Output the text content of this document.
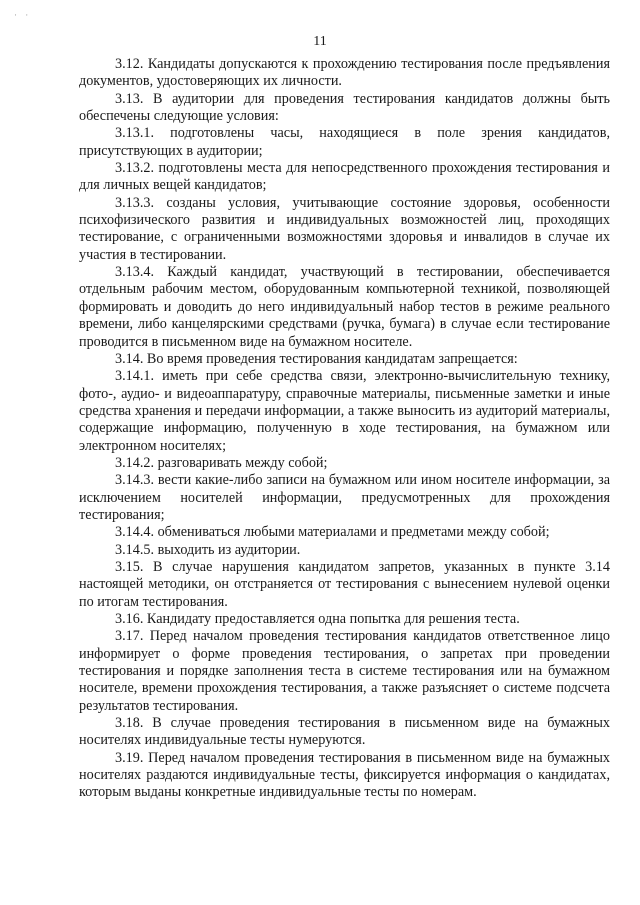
· ·
11

3.12. Кандидаты допускаются к прохождению тестирования после предъявления документов, удостоверяющих их личности.

3.13. В аудитории для проведения тестирования кандидатов должны быть обеспечены следующие условия:

3.13.1. подготовлены часы, находящиеся в поле зрения кандидатов, присутствующих в аудитории;

3.13.2. подготовлены места для непосредственного прохождения тестирования и для личных вещей кандидатов;

3.13.3. созданы условия, учитывающие состояние здоровья, особенности психофизического развития и индивидуальных возможностей лиц, проходящих тестирование, с ограниченными возможностями здоровья и инвалидов в случае их участия в тестировании.

3.13.4. Каждый кандидат, участвующий в тестировании, обеспечивается отдельным рабочим местом, оборудованным компьютерной техникой, позволяющей формировать и доводить до него индивидуальный набор тестов в режиме реального времени, либо канцелярскими средствами (ручка, бумага) в случае если тестирование проводится в письменном виде на бумажном носителе.

3.14. Во время проведения тестирования кандидатам запрещается:

3.14.1. иметь при себе средства связи, электронно-вычислительную технику, фото-, аудио- и видеоаппаратуру, справочные материалы, письменные заметки и иные средства хранения и передачи информации, а также выносить из аудиторий материалы, содержащие информацию, полученную в ходе тестирования, на бумажном или электронном носителях;

3.14.2. разговаривать между собой;

3.14.3. вести какие-либо записи на бумажном или ином носителе информации, за исключением носителей информации, предусмотренных для прохождения тестирования;

3.14.4. обмениваться любыми материалами и предметами между собой;

3.14.5. выходить из аудитории.

3.15. В случае нарушения кандидатом запретов, указанных в пункте 3.14 настоящей методики, он отстраняется от тестирования с вынесением нулевой оценки по итогам тестирования.

3.16. Кандидату предоставляется одна попытка для решения теста.

3.17. Перед началом проведения тестирования кандидатов ответственное лицо информирует о форме проведения тестирования, о запретах при проведении тестирования и порядке заполнения теста в системе тестирования или на бумажном носителе, времени прохождения тестирования, а также разъясняет о системе подсчета результатов тестирования.

3.18. В случае проведения тестирования в письменном виде на бумажных носителях индивидуальные тесты нумеруются.

3.19. Перед началом проведения тестирования в письменном виде на бумажных носителях раздаются индивидуальные тесты, фиксируется информация о кандидатах, которым выданы конкретные индивидуальные тесты по номерам.
